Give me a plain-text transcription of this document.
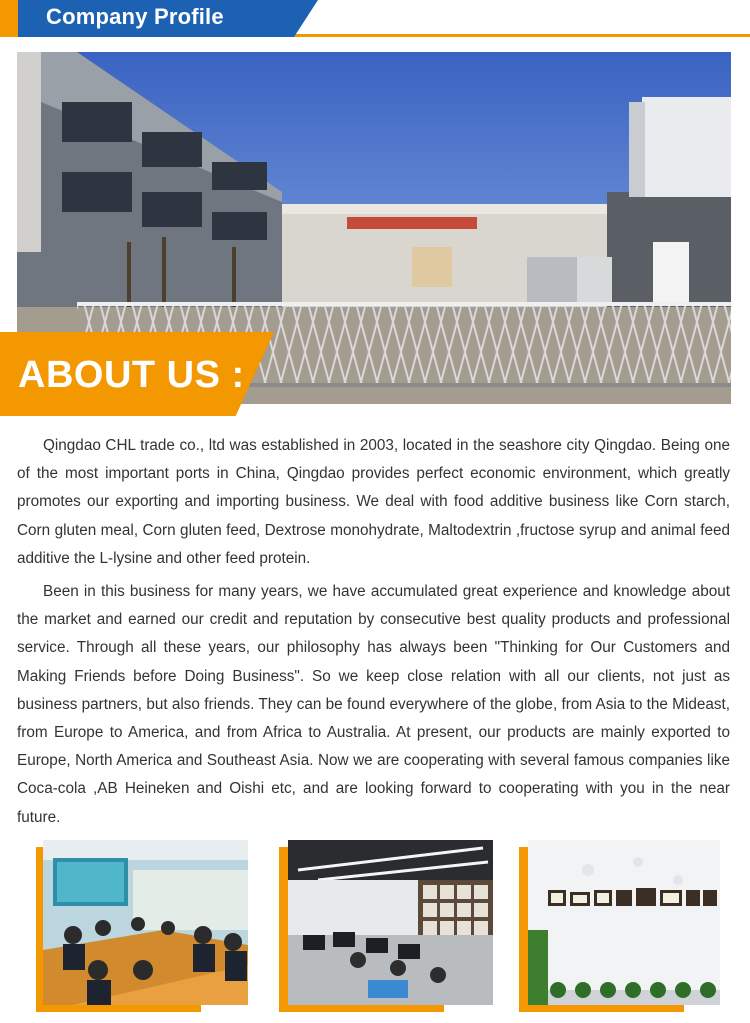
Company Profile
ABOUT US :

Qingdao CHL trade co., ltd was established in 2003, located in the seashore city Qingdao. Being one of the most important ports in China, Qingdao provides perfect economic environment, which greatly promotes our exporting and importing business. We deal with food additive business like Corn starch, Corn gluten meal, Corn gluten feed, Dextrose monohydrate, Maltodextrin ,fructose syrup and animal feed additive the L-lysine and other feed protein.

Been in this business for many years, we have accumulated great experience and knowledge about the market and earned our credit and reputation by consecutive best quality products and professional service. Through all these years, our philosophy has always been "Thinking for Our Customers and Making Friends before Doing Business". So we keep close relation with all our clients, not just as business partners, but also friends. They can be found everywhere of the globe, from Asia to the Mideast, from Europe to America, and from Africa to Australia. At present, our products are mainly exported to Europe, North America and Southeast Asia. Now we are cooperating with several famous companies like Coca-cola ,AB Heineken and Oishi etc, and are looking forward to cooperating with you in the near future.
